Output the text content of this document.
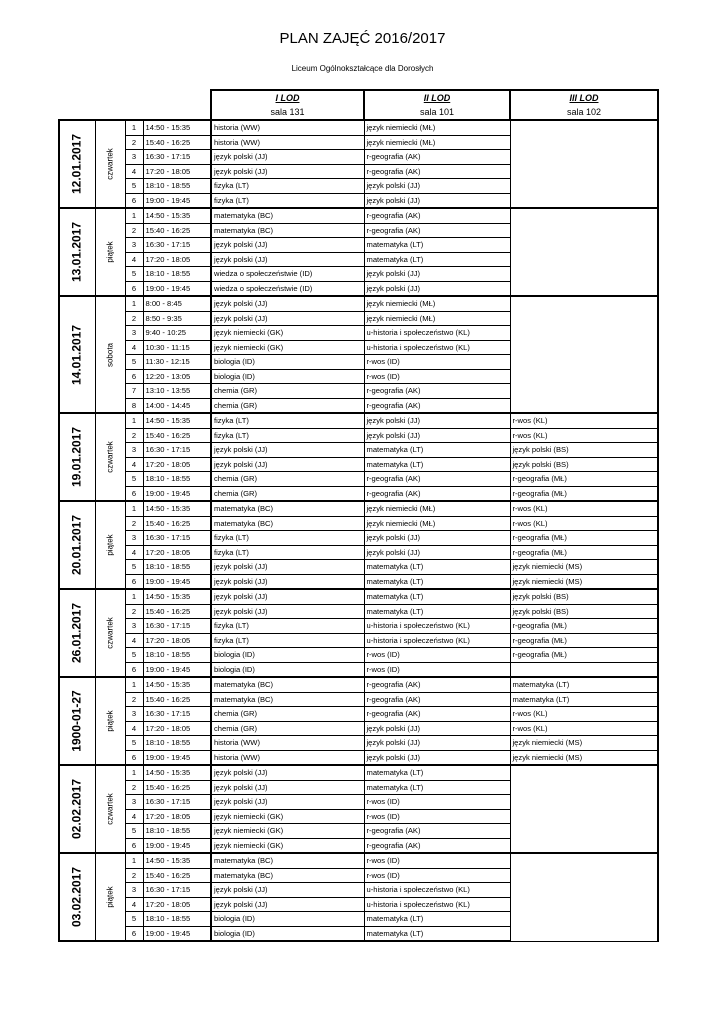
PLAN ZAJĘĆ 2016/2017
Liceum Ogólnokształcące dla Dorosłych
				I LOD	II LOD	III LOD
				sala 131	sala 101	sala 102

12.01.2017	czwartek	1	14:50 - 15:35	historia (WW)	język niemiecki (MŁ)	
		2	15:40 - 16:25	historia (WW)	język niemiecki (MŁ)	
		3	16:30 - 17:15	język polski (JJ)	r-geografia (AK)	
		4	17:20 - 18:05	język polski (JJ)	r-geografia (AK)	
		5	18:10 - 18:55	fizyka (LT)	język polski (JJ)	
		6	19:00 - 19:45	fizyka (LT)	język polski (JJ)	

13.01.2017	piątek	1	14:50 - 15:35	matematyka (BC)	r-geografia (AK)	
		2	15:40 - 16:25	matematyka (BC)	r-geografia (AK)	
		3	16:30 - 17:15	język polski (JJ)	matematyka (LT)	
		4	17:20 - 18:05	język polski (JJ)	matematyka (LT)	
		5	18:10 - 18:55	wiedza o społeczeństwie (ID)	język polski (JJ)	
		6	19:00 - 19:45	wiedza o społeczeństwie (ID)	język polski (JJ)	

14.01.2017	sobota	1	8:00 - 8:45	język polski (JJ)	język niemiecki (MŁ)	
		2	8:50 - 9:35	język polski (JJ)	język niemiecki (MŁ)	
		3	9:40 - 10:25	język niemiecki (GK)	u-historia i społeczeństwo (KL)	
		4	10:30 - 11:15	język niemiecki (GK)	u-historia i społeczeństwo (KL)	
		5	11:30 - 12:15	biologia (ID)	r-wos (ID)	
		6	12:20 - 13:05	biologia (ID)	r-wos (ID)	
		7	13:10 - 13:55	chemia (GR)	r-geografia (AK)	
		8	14:00 - 14:45	chemia (GR)	r-geografia (AK)	

19.01.2017	czwartek	1	14:50 - 15:35	fizyka (LT)	język polski (JJ)	r-wos (KL)
		2	15:40 - 16:25	fizyka (LT)	język polski (JJ)	r-wos (KL)
		3	16:30 - 17:15	język polski (JJ)	matematyka (LT)	język polski (BS)
		4	17:20 - 18:05	język polski (JJ)	matematyka (LT)	język polski (BS)
		5	18:10 - 18:55	chemia (GR)	r-geografia (AK)	r-geografia (MŁ)
		6	19:00 - 19:45	chemia (GR)	r-geografia (AK)	r-geografia (MŁ)

20.01.2017	piątek	1	14:50 - 15:35	matematyka (BC)	język niemiecki (MŁ)	r-wos (KL)
		2	15:40 - 16:25	matematyka (BC)	język niemiecki (MŁ)	r-wos (KL)
		3	16:30 - 17:15	fizyka (LT)	język polski (JJ)	r-geografia (MŁ)
		4	17:20 - 18:05	fizyka (LT)	język polski (JJ)	r-geografia (MŁ)
		5	18:10 - 18:55	język polski (JJ)	matematyka (LT)	język niemiecki (MS)
		6	19:00 - 19:45	język polski (JJ)	matematyka (LT)	język niemiecki (MS)

26.01.2017	czwartek	1	14:50 - 15:35	język polski (JJ)	matematyka (LT)	język polski (BS)
		2	15:40 - 16:25	język polski (JJ)	matematyka (LT)	język polski (BS)
		3	16:30 - 17:15	fizyka (LT)	u-historia i społeczeństwo (KL)	r-geografia (MŁ)
		4	17:20 - 18:05	fizyka (LT)	u-historia i społeczeństwo (KL)	r-geografia (MŁ)
		5	18:10 - 18:55	biologia (ID)	r-wos (ID)	r-geografia (MŁ)
		6	19:00 - 19:45	biologia (ID)	r-wos (ID)	

1900-01-27	piątek	1	14:50 - 15:35	matematyka (BC)	r-geografia (AK)	matematyka (LT)
		2	15:40 - 16:25	matematyka (BC)	r-geografia (AK)	matematyka (LT)
		3	16:30 - 17:15	chemia (GR)	r-geografia (AK)	r-wos (KL)
		4	17:20 - 18:05	chemia (GR)	język polski (JJ)	r-wos (KL)
		5	18:10 - 18:55	historia (WW)	język polski (JJ)	język niemiecki (MS)
		6	19:00 - 19:45	historia (WW)	język polski (JJ)	język niemiecki (MS)

02.02.2017	czwartek	1	14:50 - 15:35	język polski (JJ)	matematyka (LT)	
		2	15:40 - 16:25	język polski (JJ)	matematyka (LT)	
		3	16:30 - 17:15	język polski (JJ)	r-wos (ID)	
		4	17:20 - 18:05	język niemiecki (GK)	r-wos (ID)	
		5	18:10 - 18:55	język niemiecki (GK)	r-geografia (AK)	
		6	19:00 - 19:45	język niemiecki (GK)	r-geografia (AK)	

03.02.2017	piątek	1	14:50 - 15:35	matematyka (BC)	r-wos (ID)	
		2	15:40 - 16:25	matematyka (BC)	r-wos (ID)	
		3	16:30 - 17:15	język polski (JJ)	u-historia i społeczeństwo (KL)	
		4	17:20 - 18:05	język polski (JJ)	u-historia i społeczeństwo (KL)	
		5	18:10 - 18:55	biologia (ID)	matematyka (LT)	
		6	19:00 - 19:45	biologia (ID)	matematyka (LT)	
